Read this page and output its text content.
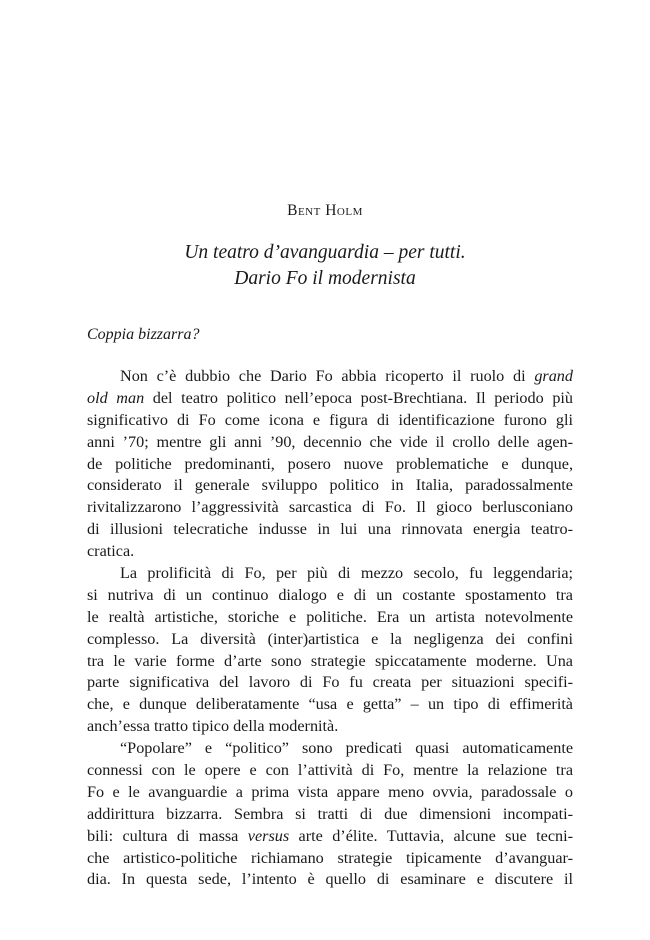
Bent Holm
Un teatro d’avanguardia – per tutti.
Dario Fo il modernista
Coppia bizzarra?
Non c’è dubbio che Dario Fo abbia ricoperto il ruolo di grand
old man del teatro politico nell’epoca post-Brechtiana. Il periodo più
significativo di Fo come icona e figura di identificazione furono gli
anni ’70; mentre gli anni ’90, decennio che vide il crollo delle agen-
de politiche predominanti, posero nuove problematiche e dunque,
considerato il generale sviluppo politico in Italia, paradossalmente
rivitalizzarono l’aggressività sarcastica di Fo. Il gioco berlusconiano
di illusioni telecratiche indusse in lui una rinnovata energia teatro-
cratica.
La prolificità di Fo, per più di mezzo secolo, fu leggendaria;
si nutriva di un continuo dialogo e di un costante spostamento tra
le realtà artistiche, storiche e politiche. Era un artista notevolmente
complesso. La diversità (inter)artistica e la negligenza dei confini
tra le varie forme d’arte sono strategie spiccatamente moderne. Una
parte significativa del lavoro di Fo fu creata per situazioni specifi-
che, e dunque deliberatamente “usa e getta” – un tipo di effimerità
anch’essa tratto tipico della modernità.
“Popolare” e “politico” sono predicati quasi automaticamente
connessi con le opere e con l’attività di Fo, mentre la relazione tra
Fo e le avanguardie a prima vista appare meno ovvia, paradossale o
addirittura bizzarra. Sembra si tratti di due dimensioni incompati-
bili: cultura di massa versus arte d’élite. Tuttavia, alcune sue tecni-
che artistico-politiche richiamano strategie tipicamente d’avanguar-
dia. In questa sede, l’intento è quello di esaminare e discutere il
